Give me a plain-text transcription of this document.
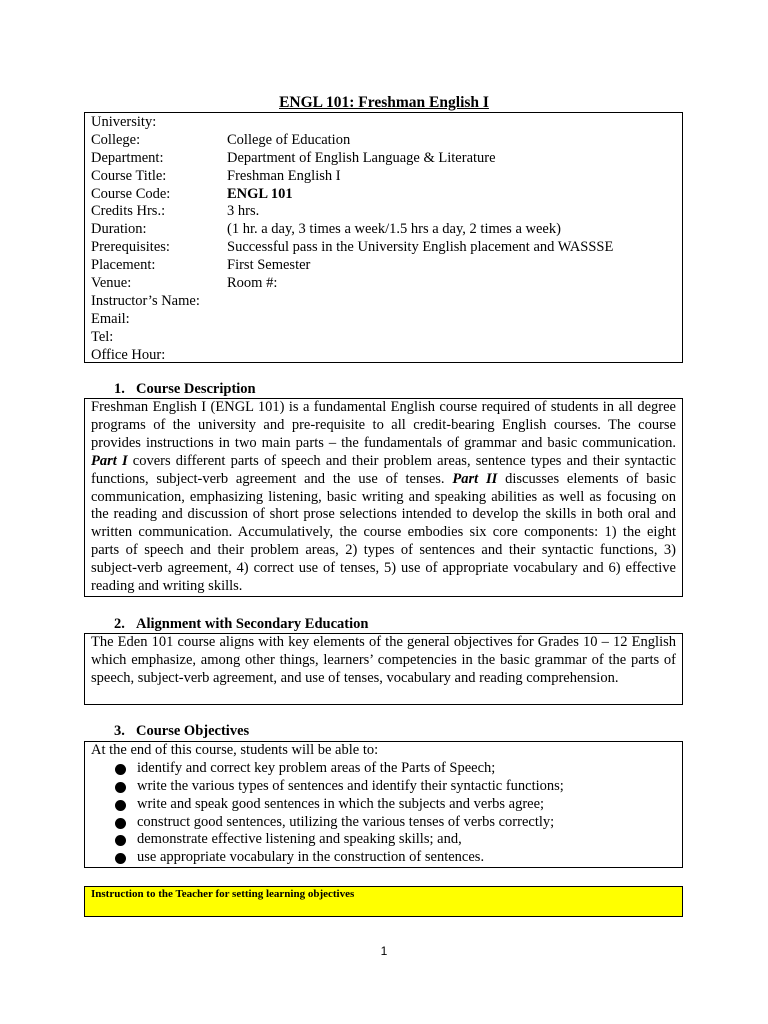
ENGL 101: Freshman English I
University:
College:	College of Education
Department:	Department of English Language & Literature
Course Title:	Freshman English I
Course Code:	ENGL 101
Credits Hrs.:	3 hrs.
Duration:	(1 hr. a day, 3 times a week/1.5 hrs a day, 2 times a week)
Prerequisites:	Successful pass in the University English placement and WASSSE
Placement:	First Semester
Venue:	Room #:
Instructor’s Name:
Email:
Tel:
Office Hour:
1. Course Description

Freshman English I (ENGL 101) is a fundamental English course required of students in all degree programs of the university and pre-requisite to all credit-bearing English courses. The course provides instructions in two main parts – the fundamentals of grammar and basic communication. Part I covers different parts of speech and their problem areas, sentence types and their syntactic functions, subject-verb agreement and the use of tenses. Part II discusses elements of basic communication, emphasizing listening, basic writing and speaking abilities as well as focusing on the reading and discussion of short prose selections intended to develop the skills in both oral and written communication. Accumulatively, the course embodies six core components: 1) the eight parts of speech and their problem areas, 2) types of sentences and their syntactic functions, 3) subject-verb agreement, 4) correct use of tenses, 5) use of appropriate vocabulary and 6) effective reading and writing skills.

2. Alignment with Secondary Education

The Eden 101 course aligns with key elements of the general objectives for Grades 10 – 12 English which emphasize, among other things, learners’ competencies in the basic grammar of the parts of speech, subject-verb agreement, and use of tenses, vocabulary and reading comprehension.

3. Course Objectives
At the end of this course, students will be able to:
identify and correct key problem areas of the Parts of Speech;
write the various types of sentences and identify their syntactic functions;
write and speak good sentences in which the subjects and verbs agree;
construct good sentences, utilizing the various tenses of verbs correctly;
demonstrate effective listening and speaking skills; and,
use appropriate vocabulary in the construction of sentences.
Instruction to the Teacher for setting learning objectives
1
